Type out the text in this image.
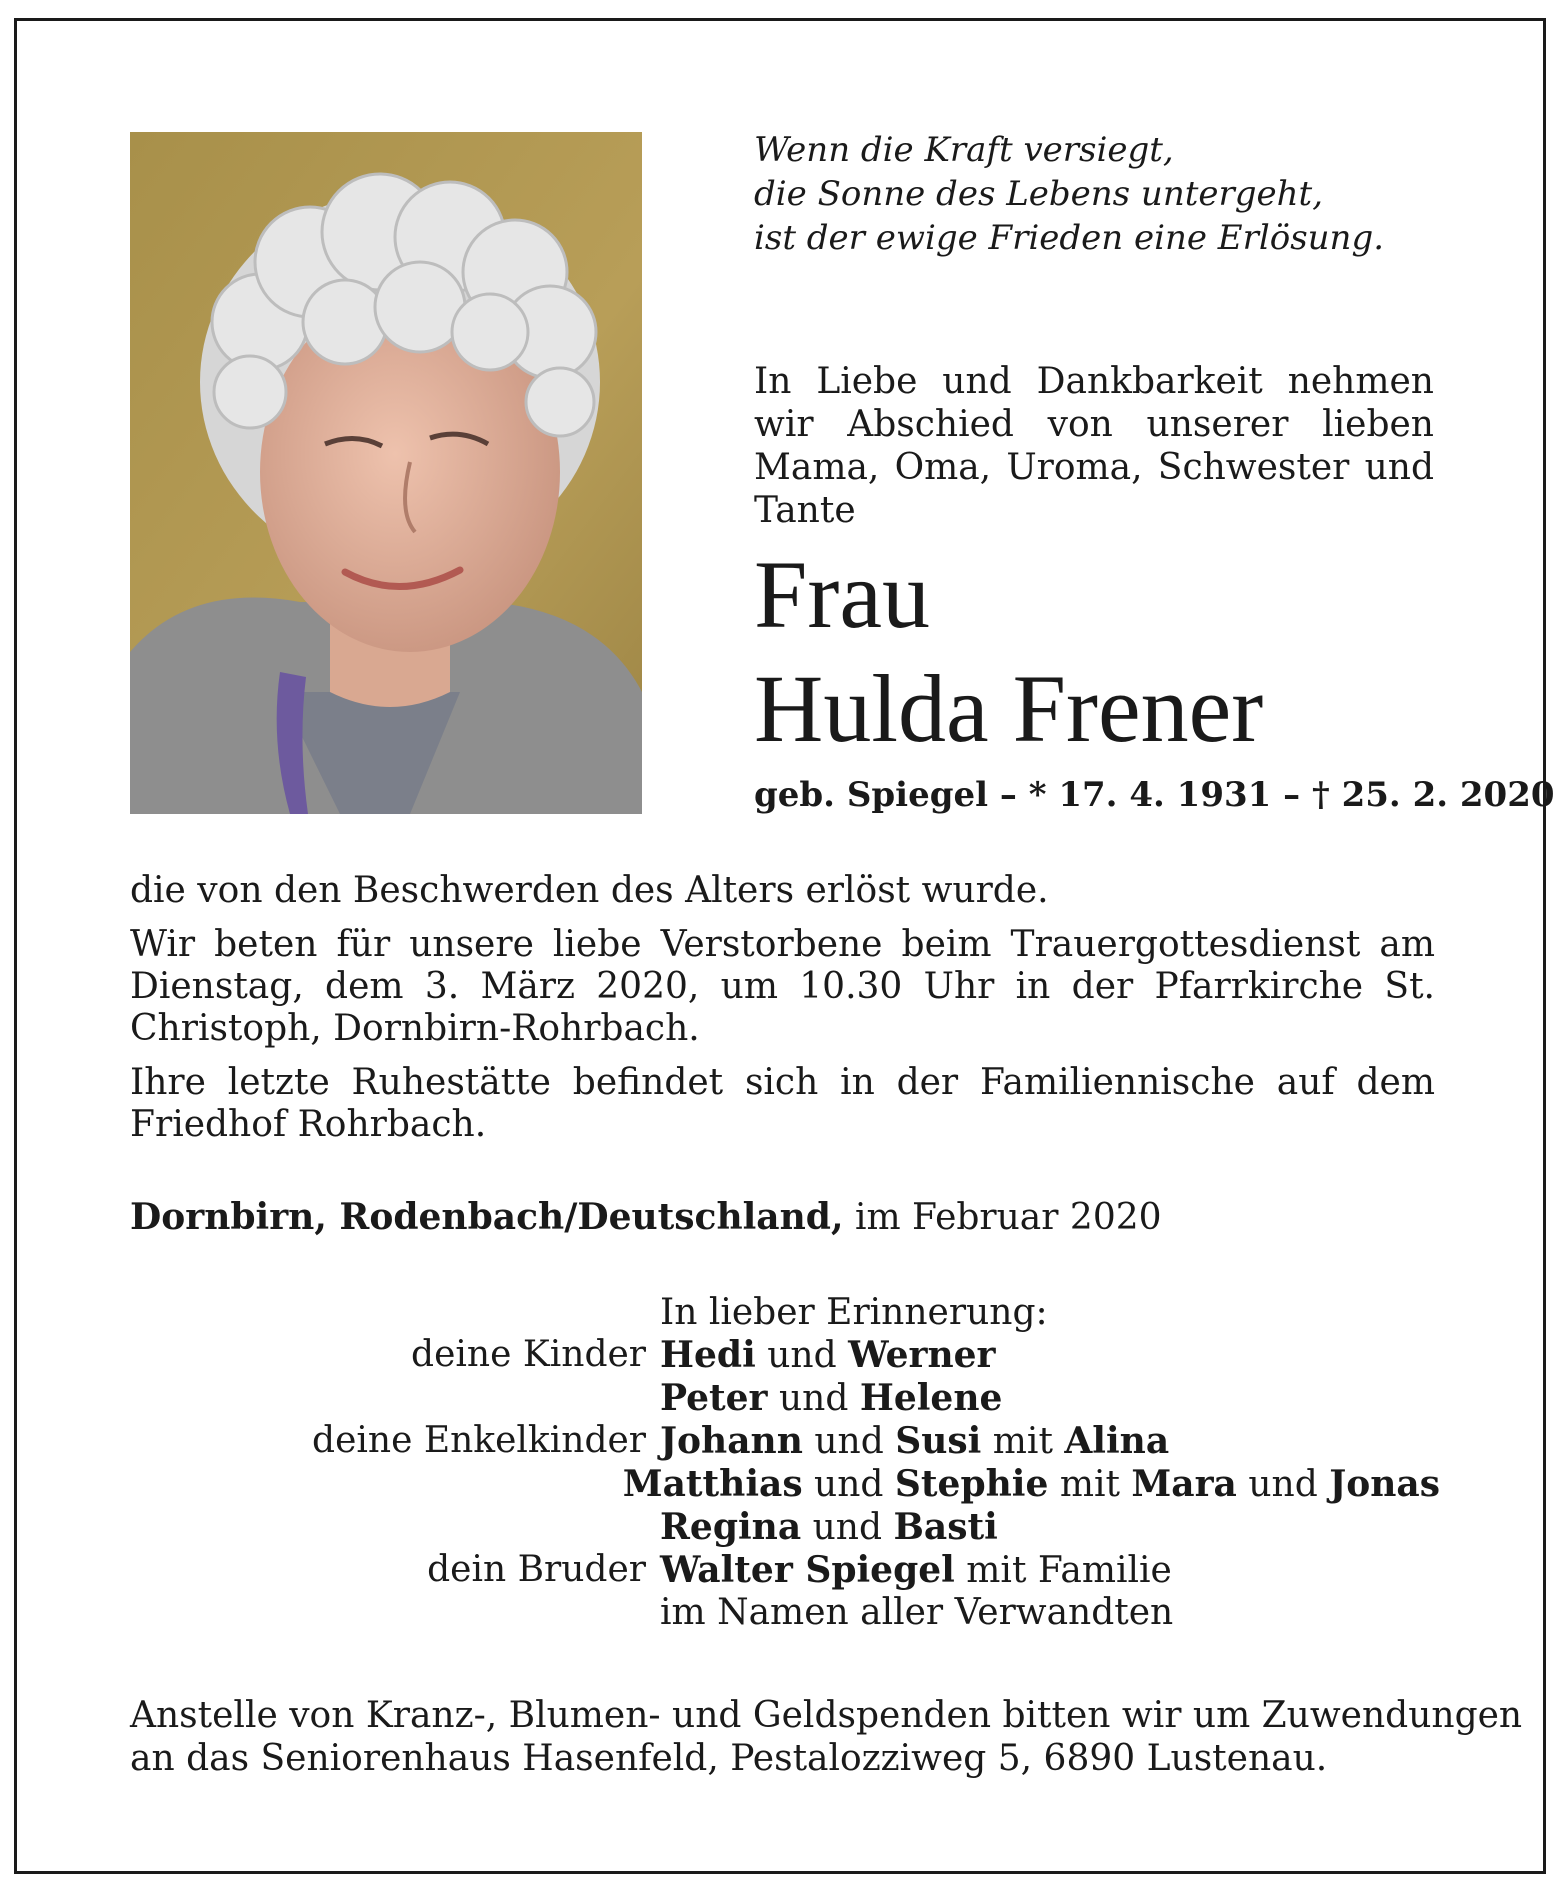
Wenn die Kraft versiegt,
die Sonne des Lebens untergeht,
ist der ewige Frieden eine Erlösung.
In Liebe und Dankbarkeit nehmen wir Abschied von unserer lieben Mama, Oma, Uroma, Schwester und Tante
Frau
Hulda Frener
geb. Spiegel – * 17. 4. 1931 – † 25. 2. 2020

die von den Beschwerden des Alters erlöst wurde.

Wir beten für unsere liebe Verstorbene beim Trauergottesdienst am Dienstag, dem 3. März 2020, um 10.30 Uhr in der Pfarrkirche St. Christoph, Dornbirn-Rohrbach.

Ihre letzte Ruhestätte befindet sich in der Familiennische auf dem Friedhof Rohrbach.

Dornbirn, Rodenbach/Deutschland, im Februar 2020
In lieber Erinnerung:
deine Kinder Hedi und Werner
Peter und Helene
deine Enkelkinder Johann und Susi mit Alina
Matthias und Stephie mit Mara und Jonas
Regina und Basti
dein Bruder Walter Spiegel mit Familie
im Namen aller Verwandten
Anstelle von Kranz-, Blumen- und Geldspenden bitten wir um Zuwendungen
an das Seniorenhaus Hasenfeld, Pestalozziweg 5, 6890 Lustenau.
